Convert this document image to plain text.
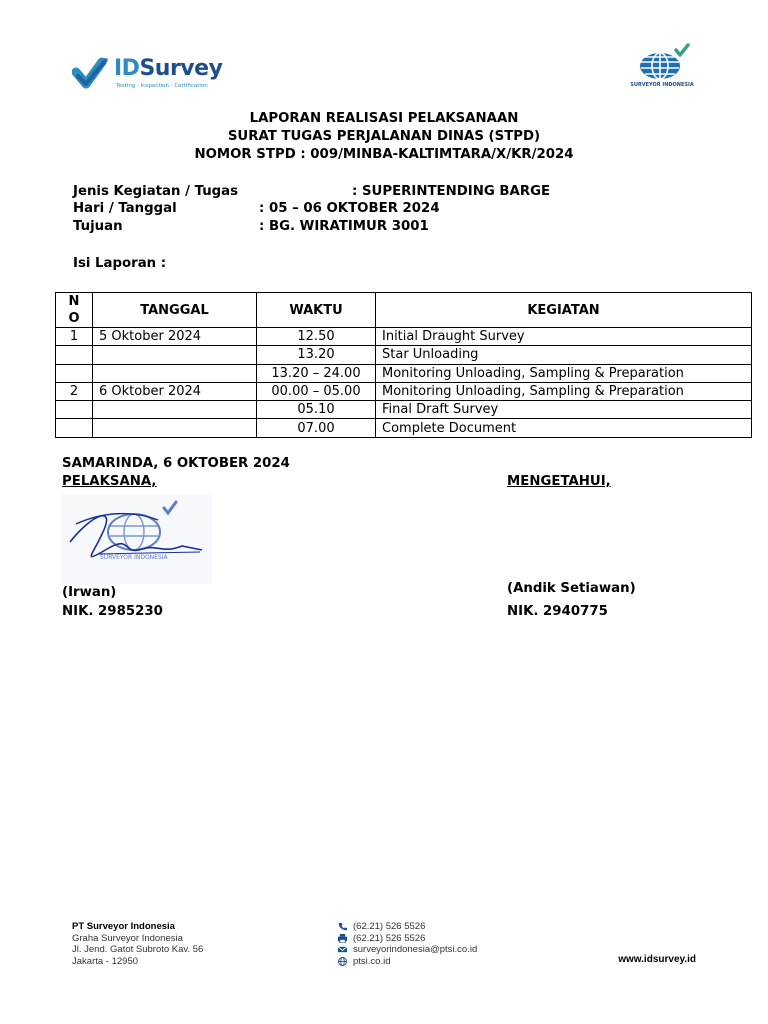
IDSurvey
Testing · Inspection · Certification	SURVEYOR INDONESIA
LAPORAN REALISASI PELAKSANAAN
SURAT TUGAS PERJALANAN DINAS (STPD)
NOMOR STPD : 009/MINBA-KALTIMTARA/X/KR/2024
Jenis Kegiatan / Tugas	: SUPERINTENDING BARGE
Hari / Tanggal	: 05 – 06 OKTOBER 2024
Tujuan	: BG. WIRATIMUR 3001
Isi Laporan :
N
O	TANGGAL	WAKTU	KEGIATAN
1	5 Oktober 2024	12.50	Initial Draught Survey
		13.20	Star Unloading
		13.20 – 24.00	Monitoring Unloading, Sampling & Preparation
2	6 Oktober 2024	00.00 – 05.00	Monitoring Unloading, Sampling & Preparation
		05.10	Final Draft Survey
		07.00	Complete Document
SAMARINDA, 6 OKTOBER 2024
PELAKSANA,	MENGETAHUI,
SURVEYOR INDONESIA
(Irwan)
NIK. 2985230
(Andik Setiawan)
NIK. 2940775
PT Surveyor Indonesia
Graha Surveyor Indonesia
Jl. Jend. Gatot Subroto Kav. 56
Jakarta - 12950
(62.21) 526 5526
(62.21) 526 5526
surveyorindonesia@ptsi.co.id
ptsi.co.id	www.idsurvey.id
